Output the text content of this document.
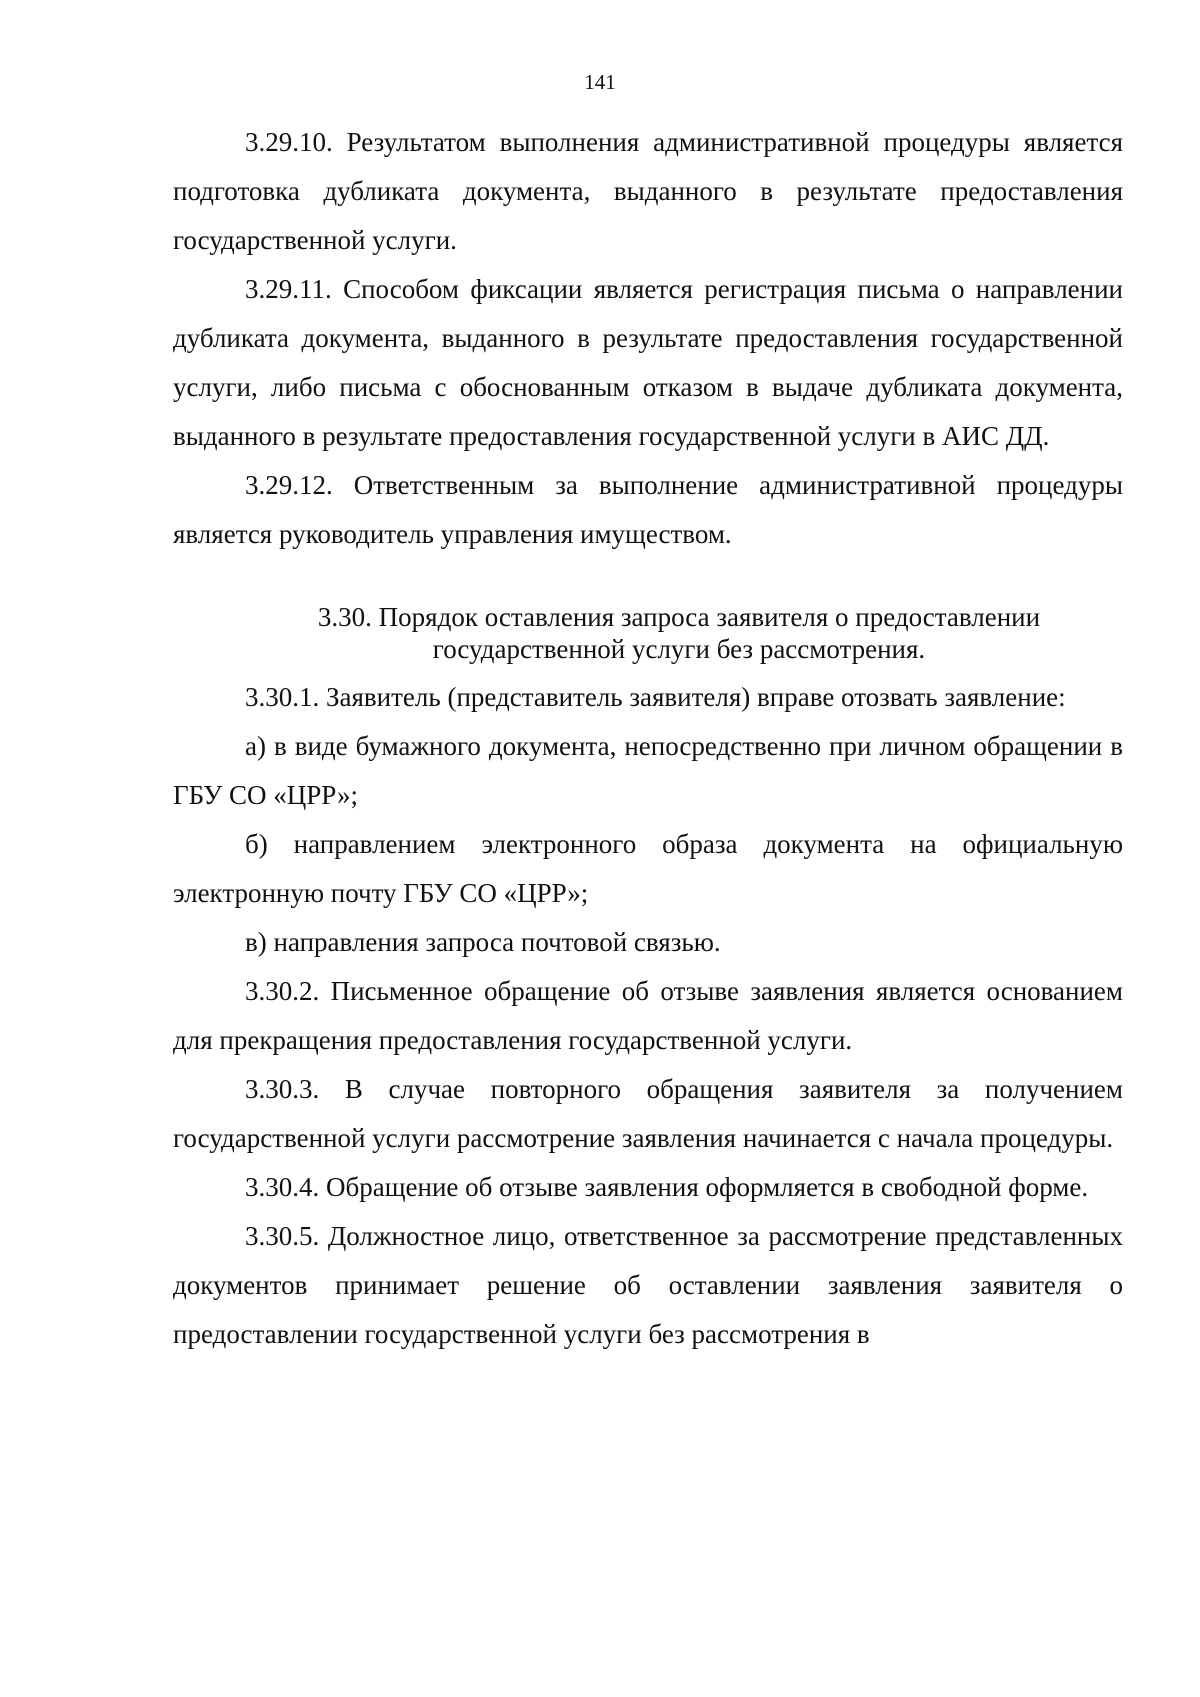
141

3.29.10. Результатом выполнения административной процедуры является подготовка дубликата документа, выданного в результате предоставления государственной услуги.

3.29.11. Способом фиксации является регистрация письма о направлении дубликата документа, выданного в результате предоставления государственной услуги, либо письма с обоснованным отказом в выдаче дубликата документа, выданного в результате предоставления государственной услуги в АИС ДД.

3.29.12. Ответственным за выполнение административной процедуры является руководитель управления имуществом.

3.30. Порядок оставления запроса заявителя о предоставлении
государственной услуги без рассмотрения.

3.30.1. Заявитель (представитель заявителя) вправе отозвать заявление:

а) в виде бумажного документа, непосредственно при личном обращении в ГБУ СО «ЦРР»;

б) направлением электронного образа документа на официальную электронную почту ГБУ СО «ЦРР»;

в) направления запроса почтовой связью.

3.30.2. Письменное обращение об отзыве заявления является основанием для прекращения предоставления государственной услуги.

3.30.3. В случае повторного обращения заявителя за получением государственной услуги рассмотрение заявления начинается с начала процедуры.

3.30.4. Обращение об отзыве заявления оформляется в свободной форме.

3.30.5. Должностное лицо, ответственное за рассмотрение представленных документов принимает решение об оставлении заявления заявителя о предоставлении государственной услуги без рассмотрения в
